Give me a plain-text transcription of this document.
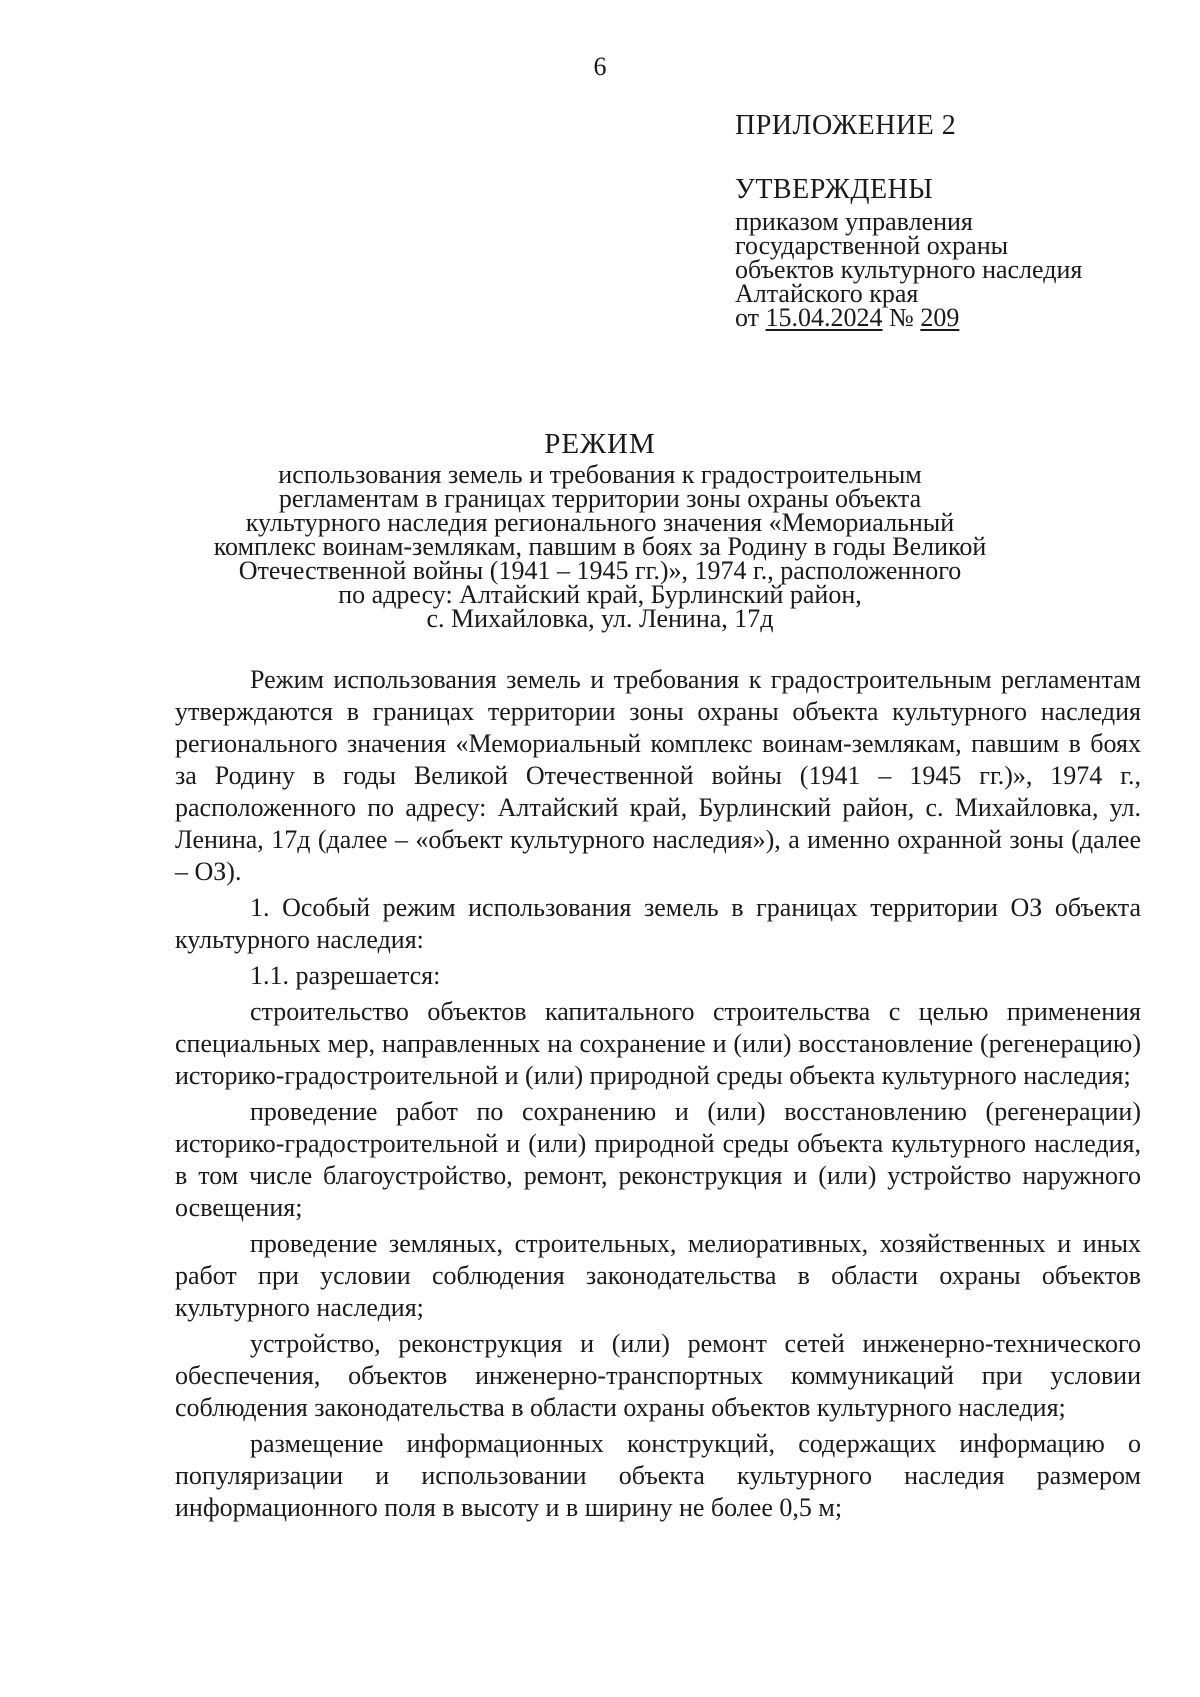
6
ПРИЛОЖЕНИЕ 2
УТВЕРЖДЕНЫ
приказом управления
государственной охраны
объектов культурного наследия
Алтайского края
от 15.04.2024 № 209
РЕЖИМ
использования земель и требования к градостроительным
регламентам в границах территории зоны охраны объекта
культурного наследия регионального значения «Мемориальный
комплекс воинам-землякам, павшим в боях за Родину в годы Великой
Отечественной войны (1941 – 1945 гг.)», 1974 г., расположенного
по адресу: Алтайский край, Бурлинский район,
с. Михайловка, ул. Ленина, 17д

Режим использования земель и требования к градостроительным регламентам утверждаются в границах территории зоны охраны объекта культурного наследия регионального значения «Мемориальный комплекс воинам-землякам, павшим в боях за Родину в годы Великой Отечественной войны (1941 – 1945 гг.)», 1974 г., расположенного по адресу: Алтайский край, Бурлинский район, с. Михайловка, ул. Ленина, 17д (далее – «объект культурного наследия»), а именно охранной зоны (далее – ОЗ).

1. Особый режим использования земель в границах территории ОЗ объекта культурного наследия:

1.1. разрешается:

строительство объектов капитального строительства с целью применения специальных мер, направленных на сохранение и (или) восстановление (регенерацию) историко-градостроительной и (или) природной среды объекта культурного наследия;

проведение работ по сохранению и (или) восстановлению (регенерации) историко-градостроительной и (или) природной среды объекта культурного наследия, в том числе благоустройство, ремонт, реконструкция и (или) устройство наружного освещения;

проведение земляных, строительных, мелиоративных, хозяйственных и иных работ при условии соблюдения законодательства в области охраны объектов культурного наследия;

устройство, реконструкция и (или) ремонт сетей инженерно-технического обеспечения, объектов инженерно-транспортных коммуникаций при условии соблюдения законодательства в области охраны объектов культурного наследия;

размещение информационных конструкций, содержащих информацию о популяризации и использовании объекта культурного наследия размером информационного поля в высоту и в ширину не более 0,5 м;
